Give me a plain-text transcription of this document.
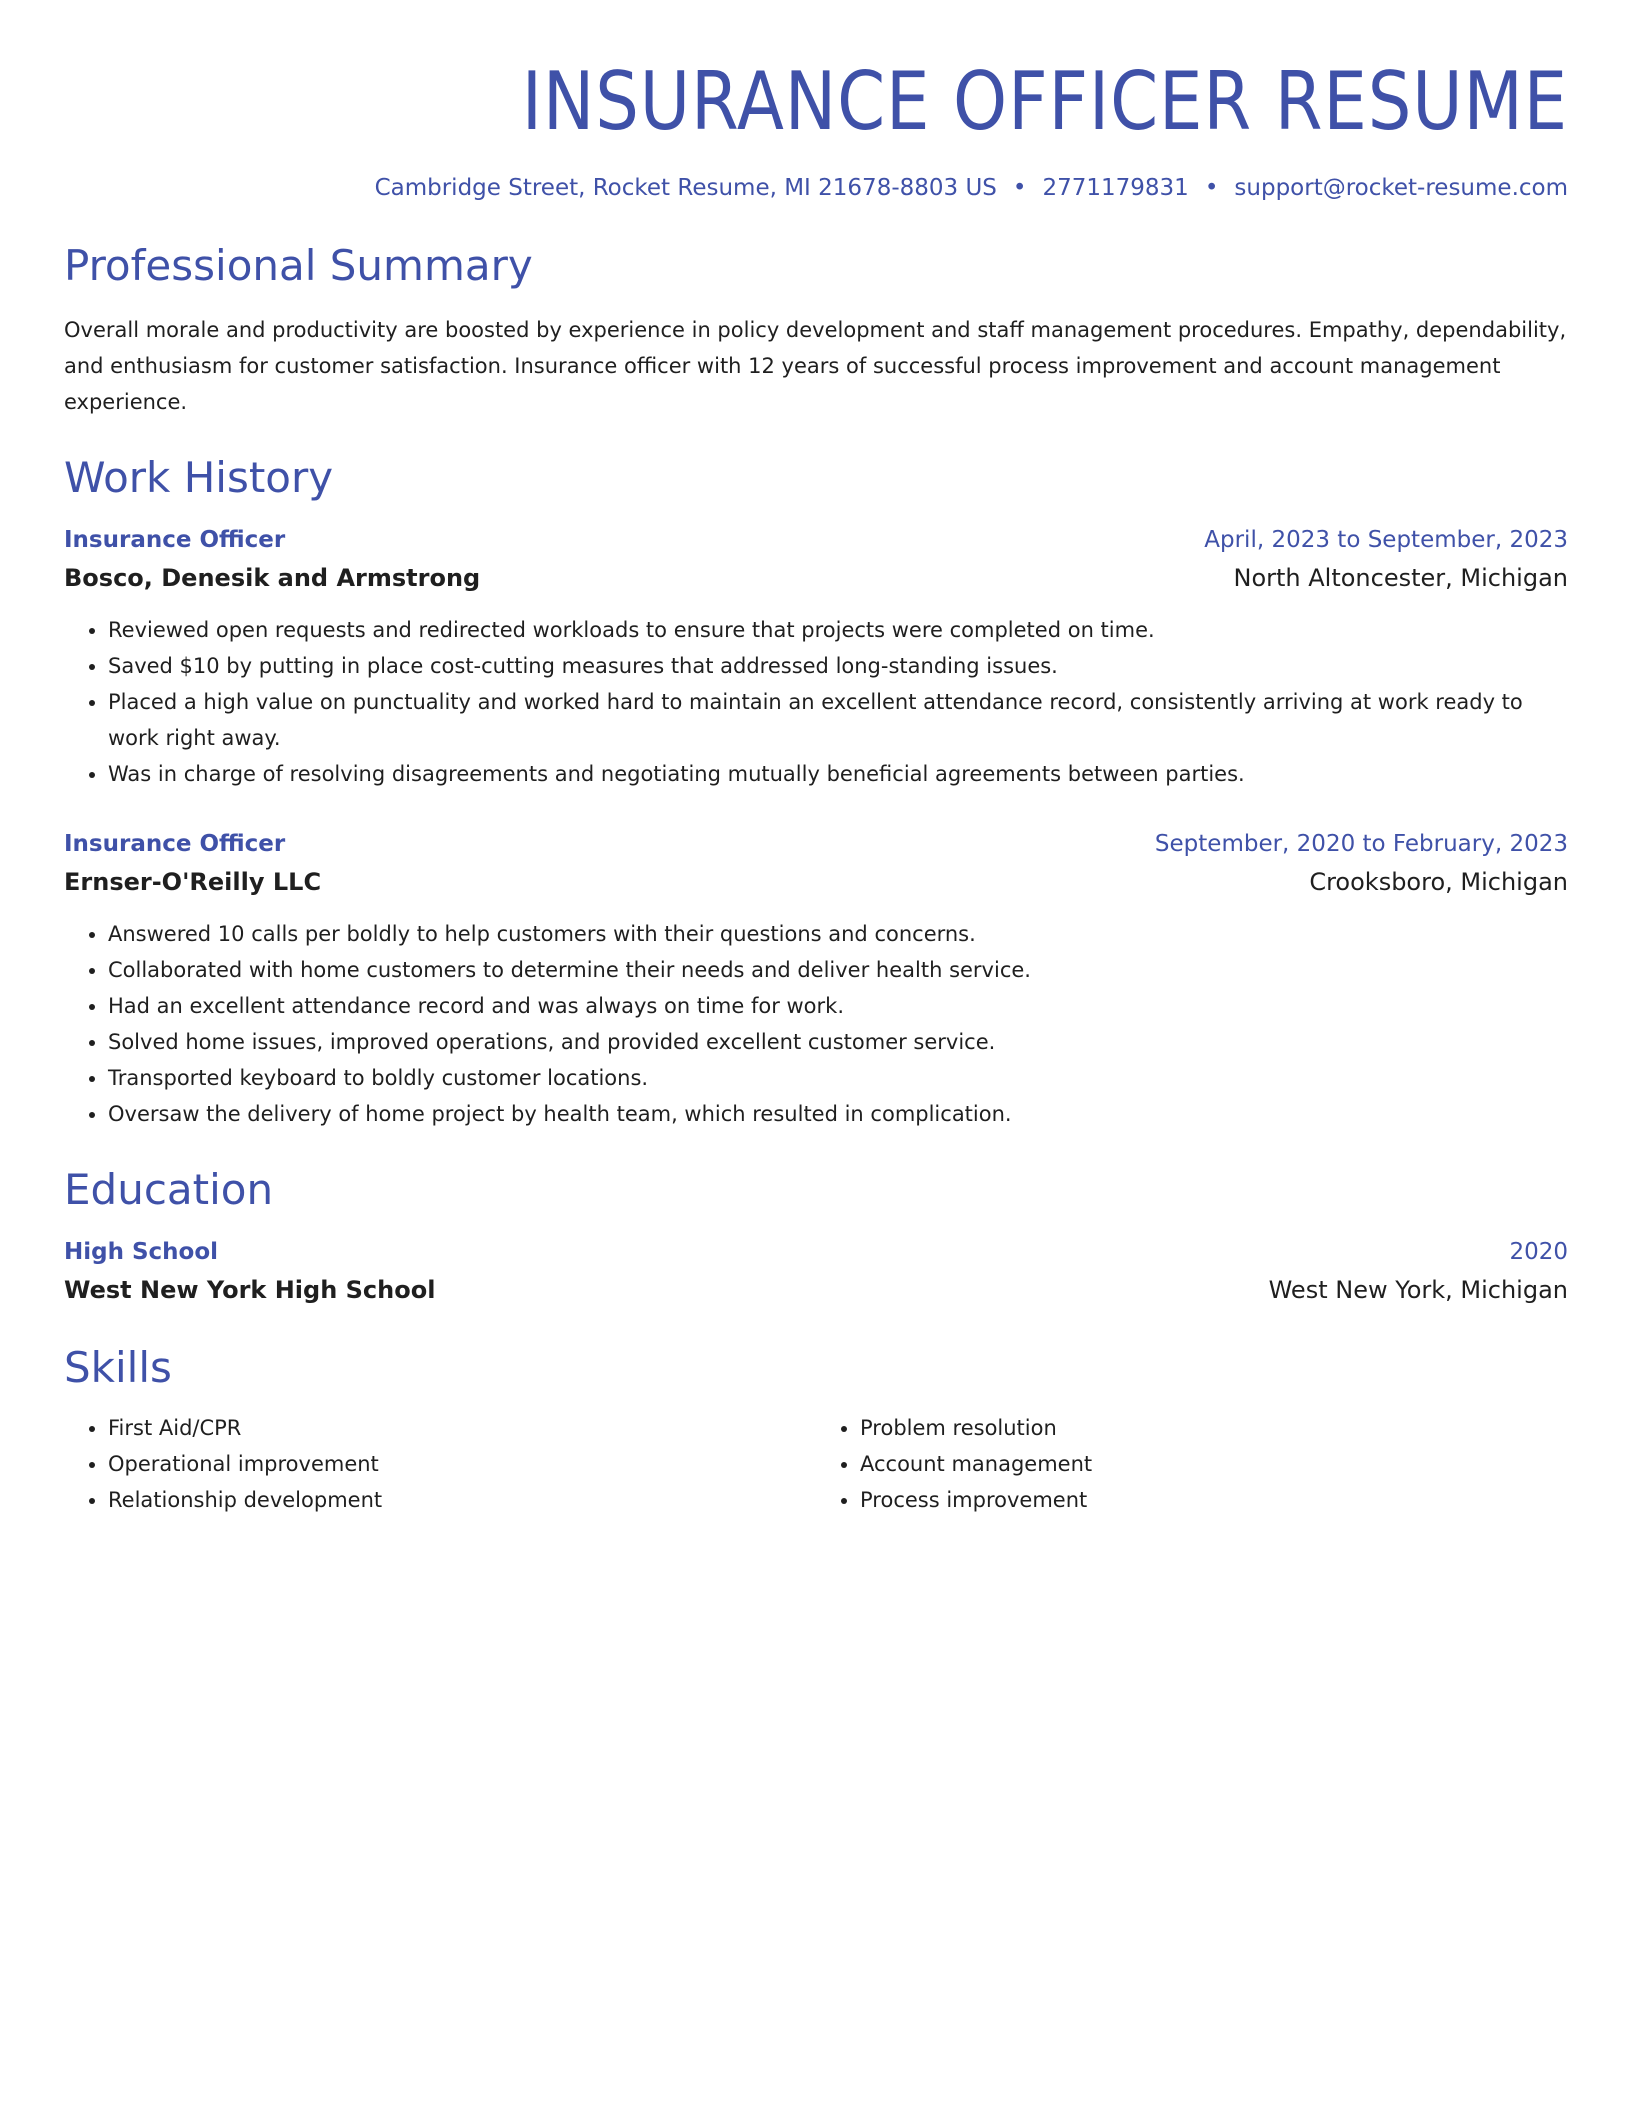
INSURANCE OFFICER RESUME
Cambridge Street, Rocket Resume, MI 21678-8803 US • 2771179831 • support@rocket-resume.com
Professional Summary
Overall morale and productivity are boosted by experience in policy development and staff management procedures. Empathy, dependability, and enthusiasm for customer satisfaction. Insurance officer with 12 years of successful process improvement and account management experience.
Work History
Insurance Officer	April, 2023 to September, 2023
Bosco, Denesik and Armstrong	North Altoncester, Michigan
• Reviewed open requests and redirected workloads to ensure that projects were completed on time.
• Saved $10 by putting in place cost-cutting measures that addressed long-standing issues.
• Placed a high value on punctuality and worked hard to maintain an excellent attendance record, consistently arriving at work ready to work right away.
• Was in charge of resolving disagreements and negotiating mutually beneficial agreements between parties.
Insurance Officer	September, 2020 to February, 2023
Ernser-O'Reilly LLC	Crooksboro, Michigan
• Answered 10 calls per boldly to help customers with their questions and concerns.
• Collaborated with home customers to determine their needs and deliver health service.
• Had an excellent attendance record and was always on time for work.
• Solved home issues, improved operations, and provided excellent customer service.
• Transported keyboard to boldly customer locations.
• Oversaw the delivery of home project by health team, which resulted in complication.
Education
High School	2020
West New York High School	West New York, Michigan
Skills
• First Aid/CPR
• Operational improvement
• Relationship development
• Problem resolution
• Account management
• Process improvement
